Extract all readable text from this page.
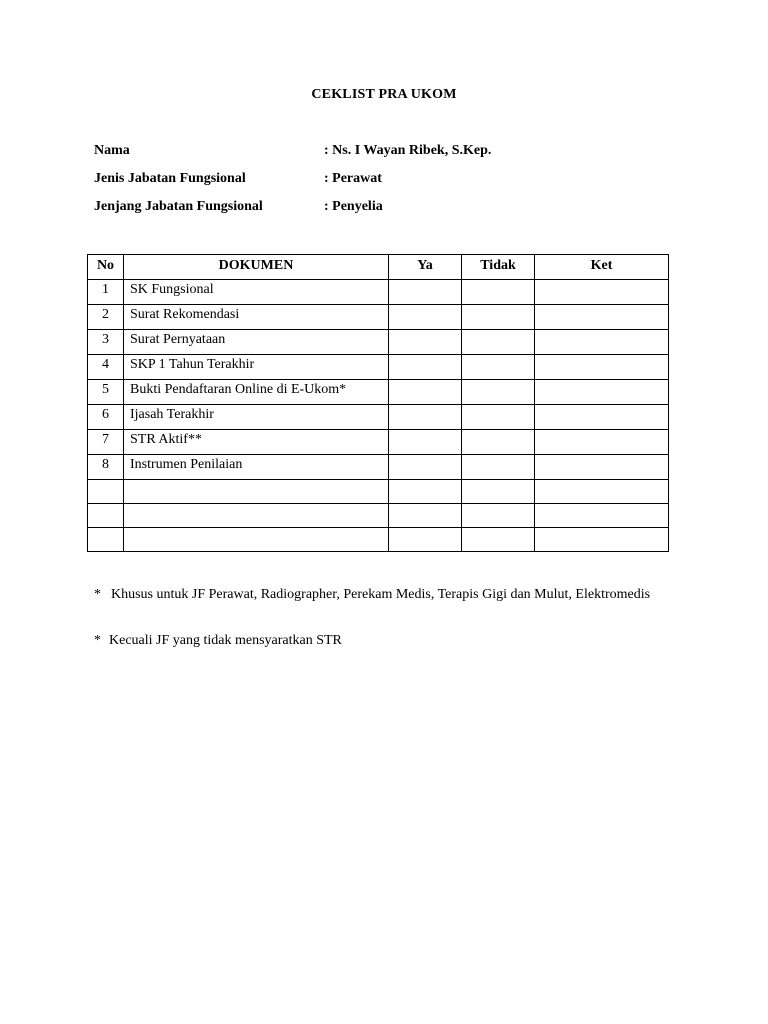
CEKLIST PRA UKOM
Nama	: Ns. I Wayan Ribek, S.Kep.
Jenis Jabatan Fungsional	: Perawat
Jenjang Jabatan Fungsional	: Penyelia
No	DOKUMEN	Ya	Tidak	Ket
1	SK Fungsional			
2	Surat Rekomendasi			
3	Surat Pernyataan			
4	SKP 1 Tahun Terakhir			
5	Bukti Pendaftaran Online di E-Ukom*			
6	Ijasah Terakhir			
7	STR Aktif**			
8	Instrumen Penilaian			

* Khusus untuk JF Perawat, Radiographer, Perekam Medis, Terapis Gigi dan Mulut, Elektromedis
* Kecuali JF yang tidak mensyaratkan STR
